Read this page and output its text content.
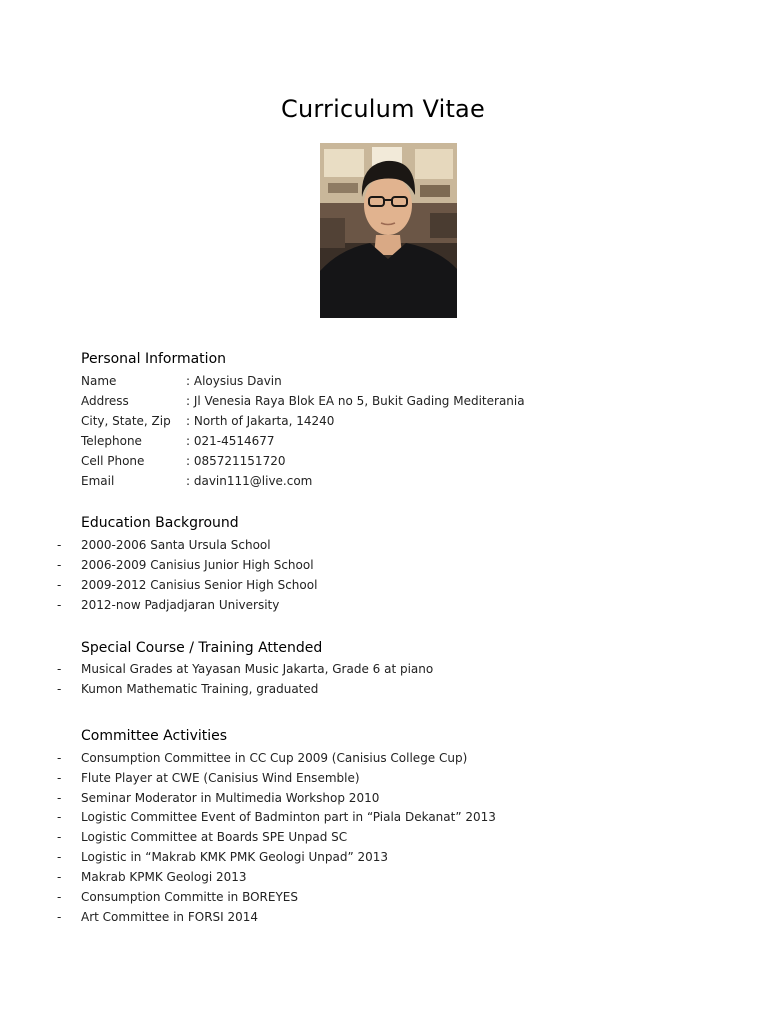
Curriculum Vitae
Personal Information
Name	: Aloysius Davin
Address	: Jl Venesia Raya Blok EA no 5, Bukit Gading Mediterania
City, State, Zip : North of Jakarta, 14240
Telephone	: 021-4514677
Cell Phone	: 085721151720
Email	: davin111@live.com
Education Background
- 2000-2006 Santa Ursula School
- 2006-2009 Canisius Junior High School
- 2009-2012 Canisius Senior High School
- 2012-now Padjadjaran University
Special Course / Training Attended
- Musical Grades at Yayasan Music Jakarta, Grade 6 at piano
- Kumon Mathematic Training, graduated
Committee Activities
- Consumption Committee in CC Cup 2009 (Canisius College Cup)
- Flute Player at CWE (Canisius Wind Ensemble)
- Seminar Moderator in Multimedia Workshop 2010
- Logistic Committee Event of Badminton part in “Piala Dekanat” 2013
- Logistic Committee at Boards SPE Unpad SC
- Logistic in “Makrab KMK PMK Geologi Unpad” 2013
- Makrab KPMK Geologi 2013
- Consumption Committe in BOREYES
- Art Committee in FORSI 2014
